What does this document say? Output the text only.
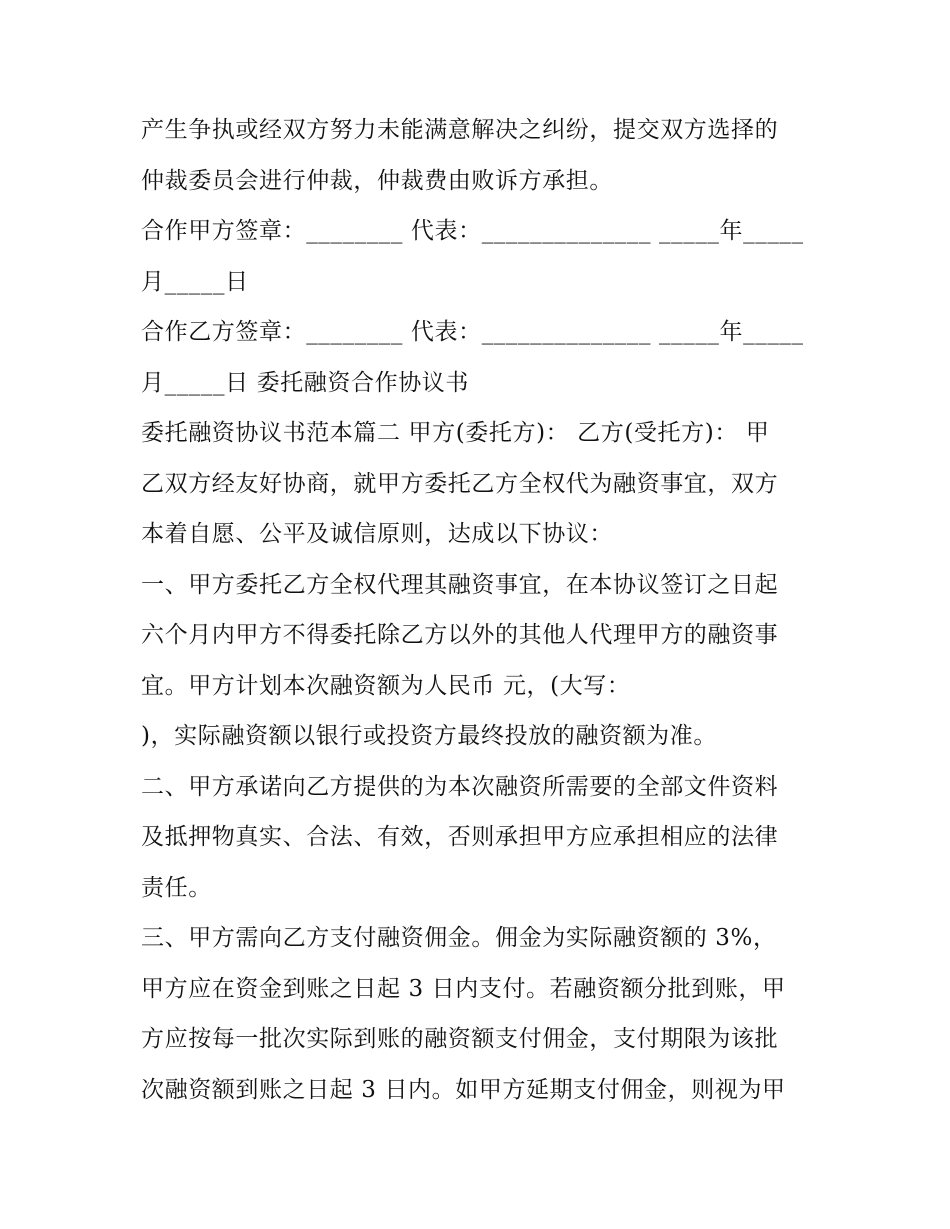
产生争执或经双方努力未能满意解决之纠纷，提交双方选择的
仲裁委员会进行仲裁，仲裁费由败诉方承担。
合作甲方签章：________ 代表：______________ _____年_____
月_____日
合作乙方签章：________ 代表：______________ _____年_____
月_____日 委托融资合作协议书
委托融资协议书范本篇二 甲方(委托方)： 乙方(受托方)： 甲
乙双方经友好协商，就甲方委托乙方全权代为融资事宜，双方
本着自愿、公平及诚信原则，达成以下协议：
一、甲方委托乙方全权代理其融资事宜，在本协议签订之日起
六个月内甲方不得委托除乙方以外的其他人代理甲方的融资事
宜。甲方计划本次融资额为人民币 元，(大写：
)，实际融资额以银行或投资方最终投放的融资额为准。
二、甲方承诺向乙方提供的为本次融资所需要的全部文件资料
及抵押物真实、合法、有效，否则承担甲方应承担相应的法律
责任。
三、甲方需向乙方支付融资佣金。佣金为实际融资额的 3%，
甲方应在资金到账之日起 3 日内支付。若融资额分批到账，甲
方应按每一批次实际到账的融资额支付佣金，支付期限为该批
次融资额到账之日起 3 日内。如甲方延期支付佣金，则视为甲
